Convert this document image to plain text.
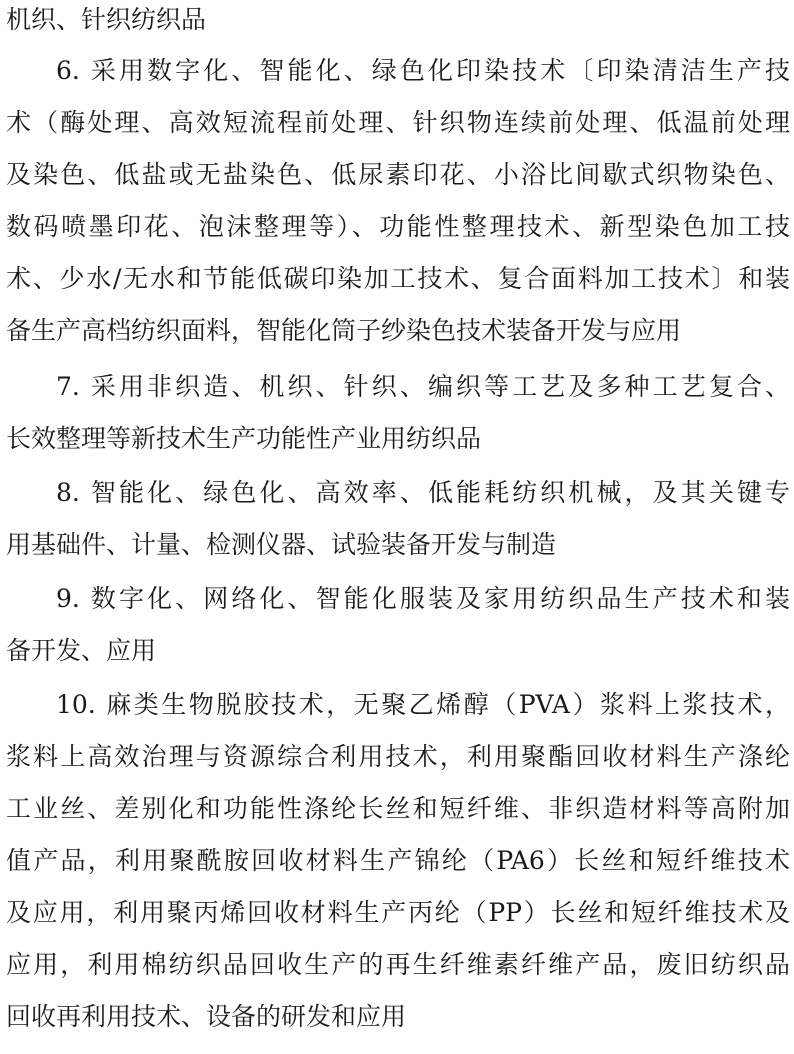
机织、针织纺织品
6. 采用数字化、智能化、绿色化印染技术〔印染清洁生产技
术（酶处理、高效短流程前处理、针织物连续前处理、低温前处理
及染色、低盐或无盐染色、低尿素印花、小浴比间歇式织物染色、
数码喷墨印花、泡沫整理等）、功能性整理技术、新型染色加工技
术、少水/无水和节能低碳印染加工技术、复合面料加工技术〕和装
备生产高档纺织面料，智能化筒子纱染色技术装备开发与应用
7. 采用非织造、机织、针织、编织等工艺及多种工艺复合、
长效整理等新技术生产功能性产业用纺织品
8. 智能化、绿色化、高效率、低能耗纺织机械，及其关键专
用基础件、计量、检测仪器、试验装备开发与制造
9. 数字化、网络化、智能化服装及家用纺织品生产技术和装
备开发、应用
10. 麻类生物脱胶技术，无聚乙烯醇（PVA）浆料上浆技术，
浆料上高效治理与资源综合利用技术，利用聚酯回收材料生产涤纶
工业丝、差别化和功能性涤纶长丝和短纤维、非织造材料等高附加
值产品，利用聚酰胺回收材料生产锦纶（PA6）长丝和短纤维技术
及应用，利用聚丙烯回收材料生产丙纶（PP）长丝和短纤维技术及
应用，利用棉纺织品回收生产的再生纤维素纤维产品，废旧纺织品
回收再利用技术、设备的研发和应用
